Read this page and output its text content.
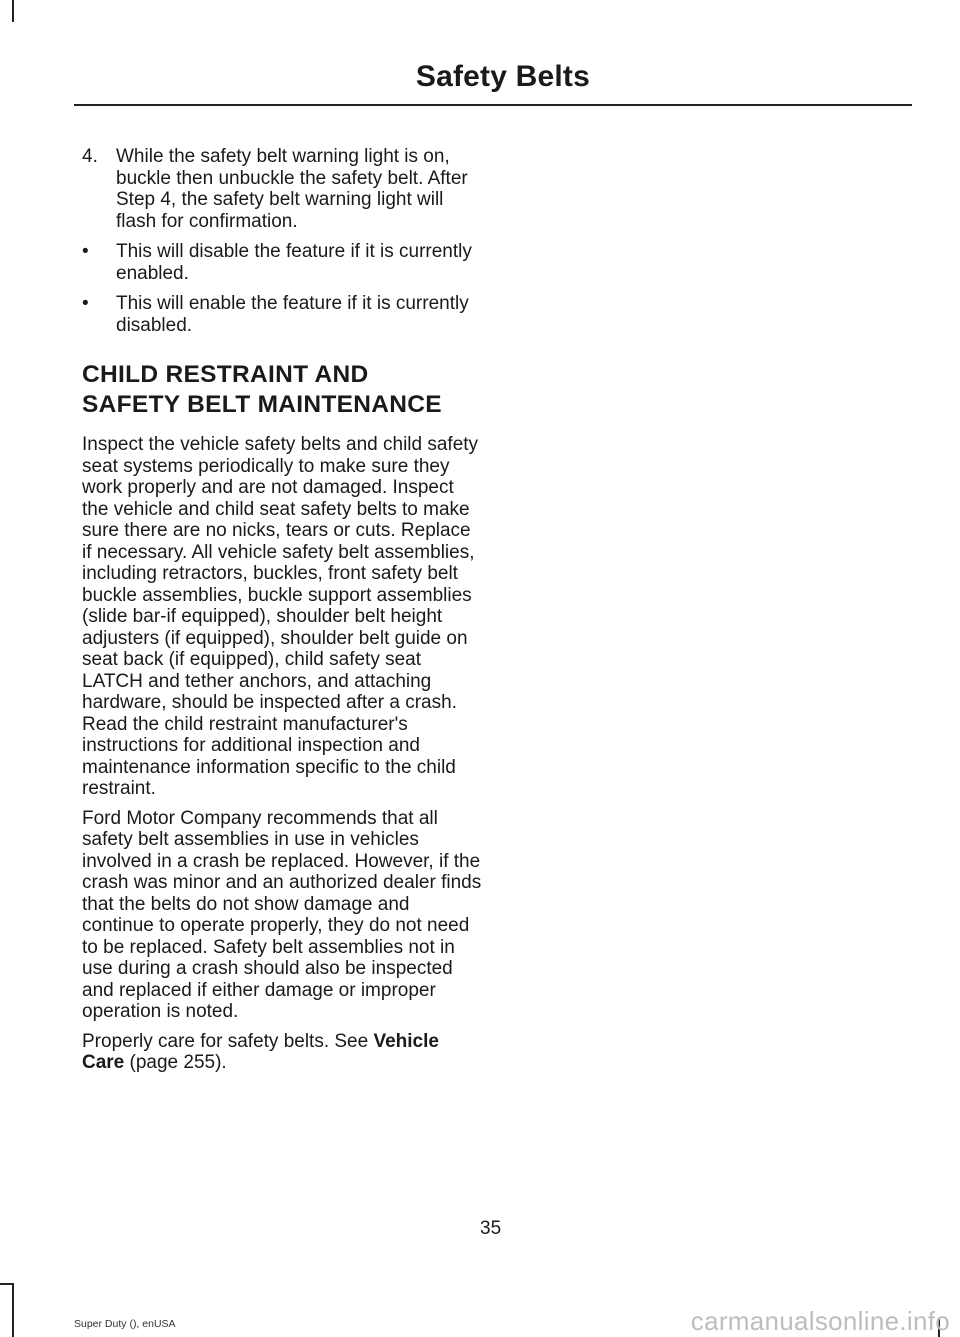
Safety Belts
4. While the safety belt warning light is on, buckle then unbuckle the safety belt. After Step 4, the safety belt warning light will flash for confirmation.
• This will disable the feature if it is currently enabled.
• This will enable the feature if it is currently disabled.
CHILD RESTRAINT AND
SAFETY BELT MAINTENANCE

Inspect the vehicle safety belts and child safety seat systems periodically to make sure they work properly and are not damaged. Inspect the vehicle and child seat safety belts to make sure there are no nicks, tears or cuts. Replace if necessary. All vehicle safety belt assemblies, including retractors, buckles, front safety belt buckle assemblies, buckle support assemblies (slide bar-if equipped), shoulder belt height adjusters (if equipped), shoulder belt guide on seat back (if equipped), child safety seat LATCH and tether anchors, and attaching hardware, should be inspected after a crash. Read the child restraint manufacturer's instructions for additional inspection and maintenance information specific to the child restraint.

Ford Motor Company recommends that all safety belt assemblies in use in vehicles involved in a crash be replaced. However, if the crash was minor and an authorized dealer finds that the belts do not show damage and continue to operate properly, they do not need to be replaced. Safety belt assemblies not in use during a crash should also be inspected and replaced if either damage or improper operation is noted.

Properly care for safety belts. See Vehicle Care (page 255).

35
Super Duty (), enUSA	carmanualsonline.info
